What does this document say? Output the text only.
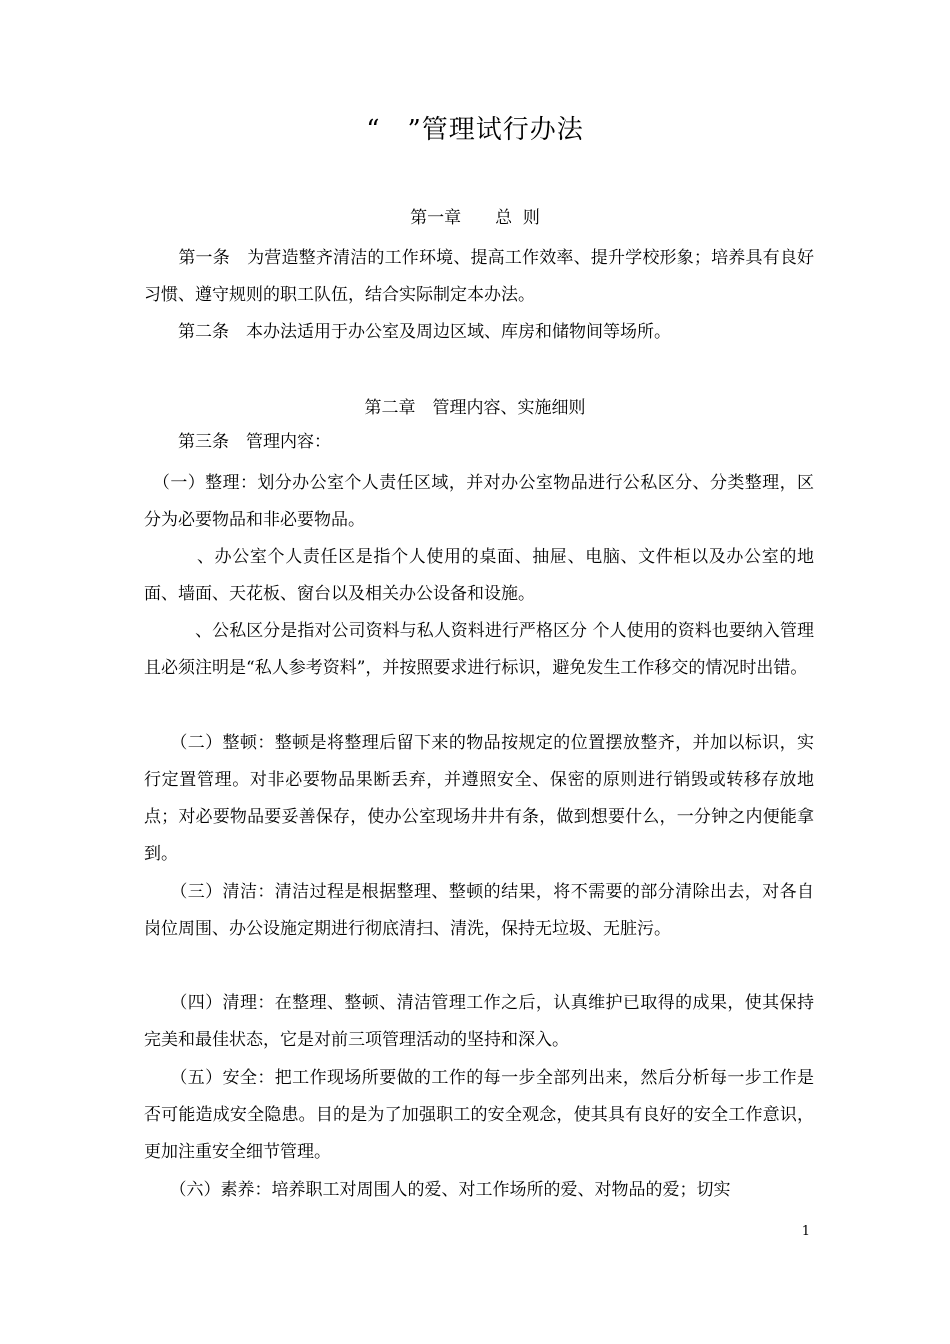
“　”管理试行办法
第一章　　总  则
　　第一条　为营造整齐清洁的工作环境、提高工作效率、提升学校形象；培养具有良好习惯、遵守规则的职工队伍，结合实际制定本办法。
　　第二条　本办法适用于办公室及周边区域、库房和储物间等场所。
第二章　管理内容、实施细则
　　第三条　管理内容：
　（一）整理：划分办公室个人责任区域，并对办公室物品进行公私区分、分类整理，区分为必要物品和非必要物品。
　　　、办公室个人责任区是指个人使用的桌面、抽屉、电脑、文件柜以及办公室的地面、墙面、天花板、窗台以及相关办公设备和设施。
　　　、公私区分是指对公司资料与私人资料进行严格区分 个人使用的资料也要纳入管理 且必须注明是“私人参考资料”，并按照要求进行标识，避免发生工作移交的情况时出错。
　　（二）整顿：整顿是将整理后留下来的物品按规定的位置摆放整齐，并加以标识，实行定置管理。对非必要物品果断丢弃，并遵照安全、保密的原则进行销毁或转移存放地点；对必要物品要妥善保存，使办公室现场井井有条，做到想要什么，一分钟之内便能拿到。
　　（三）清洁：清洁过程是根据整理、整顿的结果，将不需要的部分清除出去，对各自岗位周围、办公设施定期进行彻底清扫、清洗，保持无垃圾、无脏污。
　　（四）清理：在整理、整顿、清洁管理工作之后，认真维护已取得的成果，使其保持完美和最佳状态，它是对前三项管理活动的坚持和深入。
　　（五）安全：把工作现场所要做的工作的每一步全部列出来，然后分析每一步工作是否可能造成安全隐患。目的是为了加强职工的安全观念，使其具有良好的安全工作意识，更加注重安全细节管理。
　　（六）素养：培养职工对周围人的爱、对工作场所的爱、对物品的爱；切实
1
